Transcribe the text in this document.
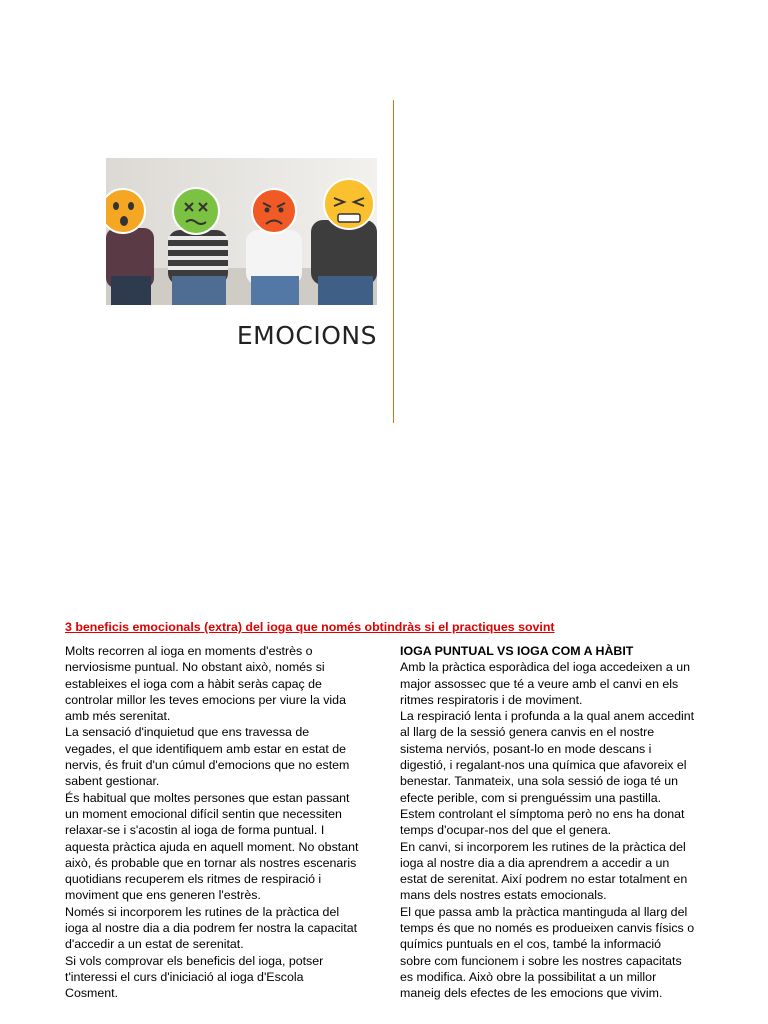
EMOCIONS
3 beneficis emocionals (extra) del ioga que només obtindràs si el practiques sovint
Molts recorren al ioga en moments d'estrès o
nerviosisme puntual. No obstant això, només si
estableixes el ioga com a hàbit seràs capaç de
controlar millor les teves emocions per viure la vida
amb més serenitat.
La sensació d'inquietud que ens travessa de
vegades, el que identifiquem amb estar en estat de
nervis, és fruit d'un cúmul d'emocions que no estem
sabent gestionar.
És habitual que moltes persones que estan passant
un moment emocional difícil sentin que necessiten
relaxar-se i s'acostin al ioga de forma puntual. I
aquesta pràctica ajuda en aquell moment. No obstant
això, és probable que en tornar als nostres escenaris
quotidians recuperem els ritmes de respiració i
moviment que ens generen l'estrès.
Només si incorporem les rutines de la pràctica del
ioga al nostre dia a dia podrem fer nostra la capacitat
d'accedir a un estat de serenitat.
Si vols comprovar els beneficis del ioga, potser
t'interessi el curs d'iniciació al ioga d'Escola
Cosment.
IOGA PUNTUAL VS IOGA COM A HÀBIT
Amb la pràctica esporàdica del ioga accedeixen a un
major assossec que té a veure amb el canvi en els
ritmes respiratoris i de moviment.
La respiració lenta i profunda a la qual anem accedint
al llarg de la sessió genera canvis en el nostre
sistema nerviós, posant-lo en mode descans i
digestió, i regalant-nos una química que afavoreix el
benestar. Tanmateix, una sola sessió de ioga té un
efecte perible, com si prenguéssim una pastilla.
Estem controlant el símptoma però no ens ha donat
temps d'ocupar-nos del que el genera.
En canvi, si incorporem les rutines de la pràctica del
ioga al nostre dia a dia aprendrem a accedir a un
estat de serenitat. Així podrem no estar totalment en
mans dels nostres estats emocionals.
El que passa amb la pràctica mantinguda al llarg del
temps és que no només es produeixen canvis físics o
químics puntuals en el cos, també la informació
sobre com funcionem i sobre les nostres capacitats
es modifica. Això obre la possibilitat a un millor
maneig dels efectes de les emocions que vivim.
